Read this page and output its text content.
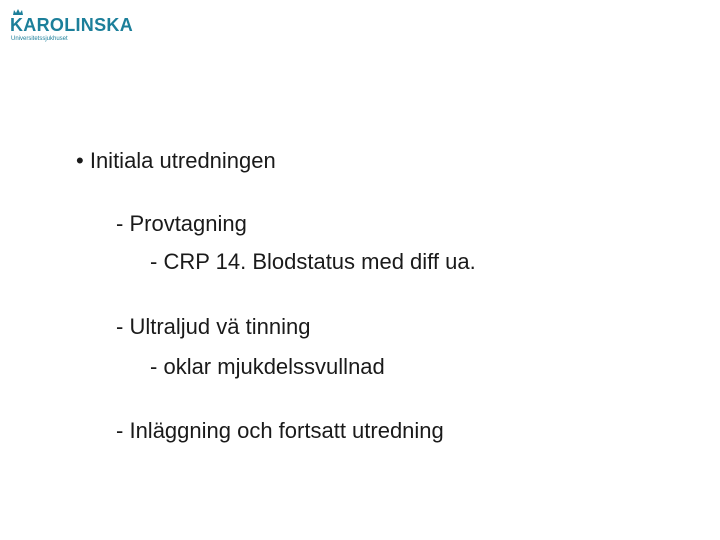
KAROLINSKA
Universitetssjukhuset
• Initiala utredningen
- Provtagning
- CRP 14. Blodstatus med diff ua.
- Ultraljud vä tinning
- oklar mjukdelssvullnad
- Inläggning och fortsatt utredning
